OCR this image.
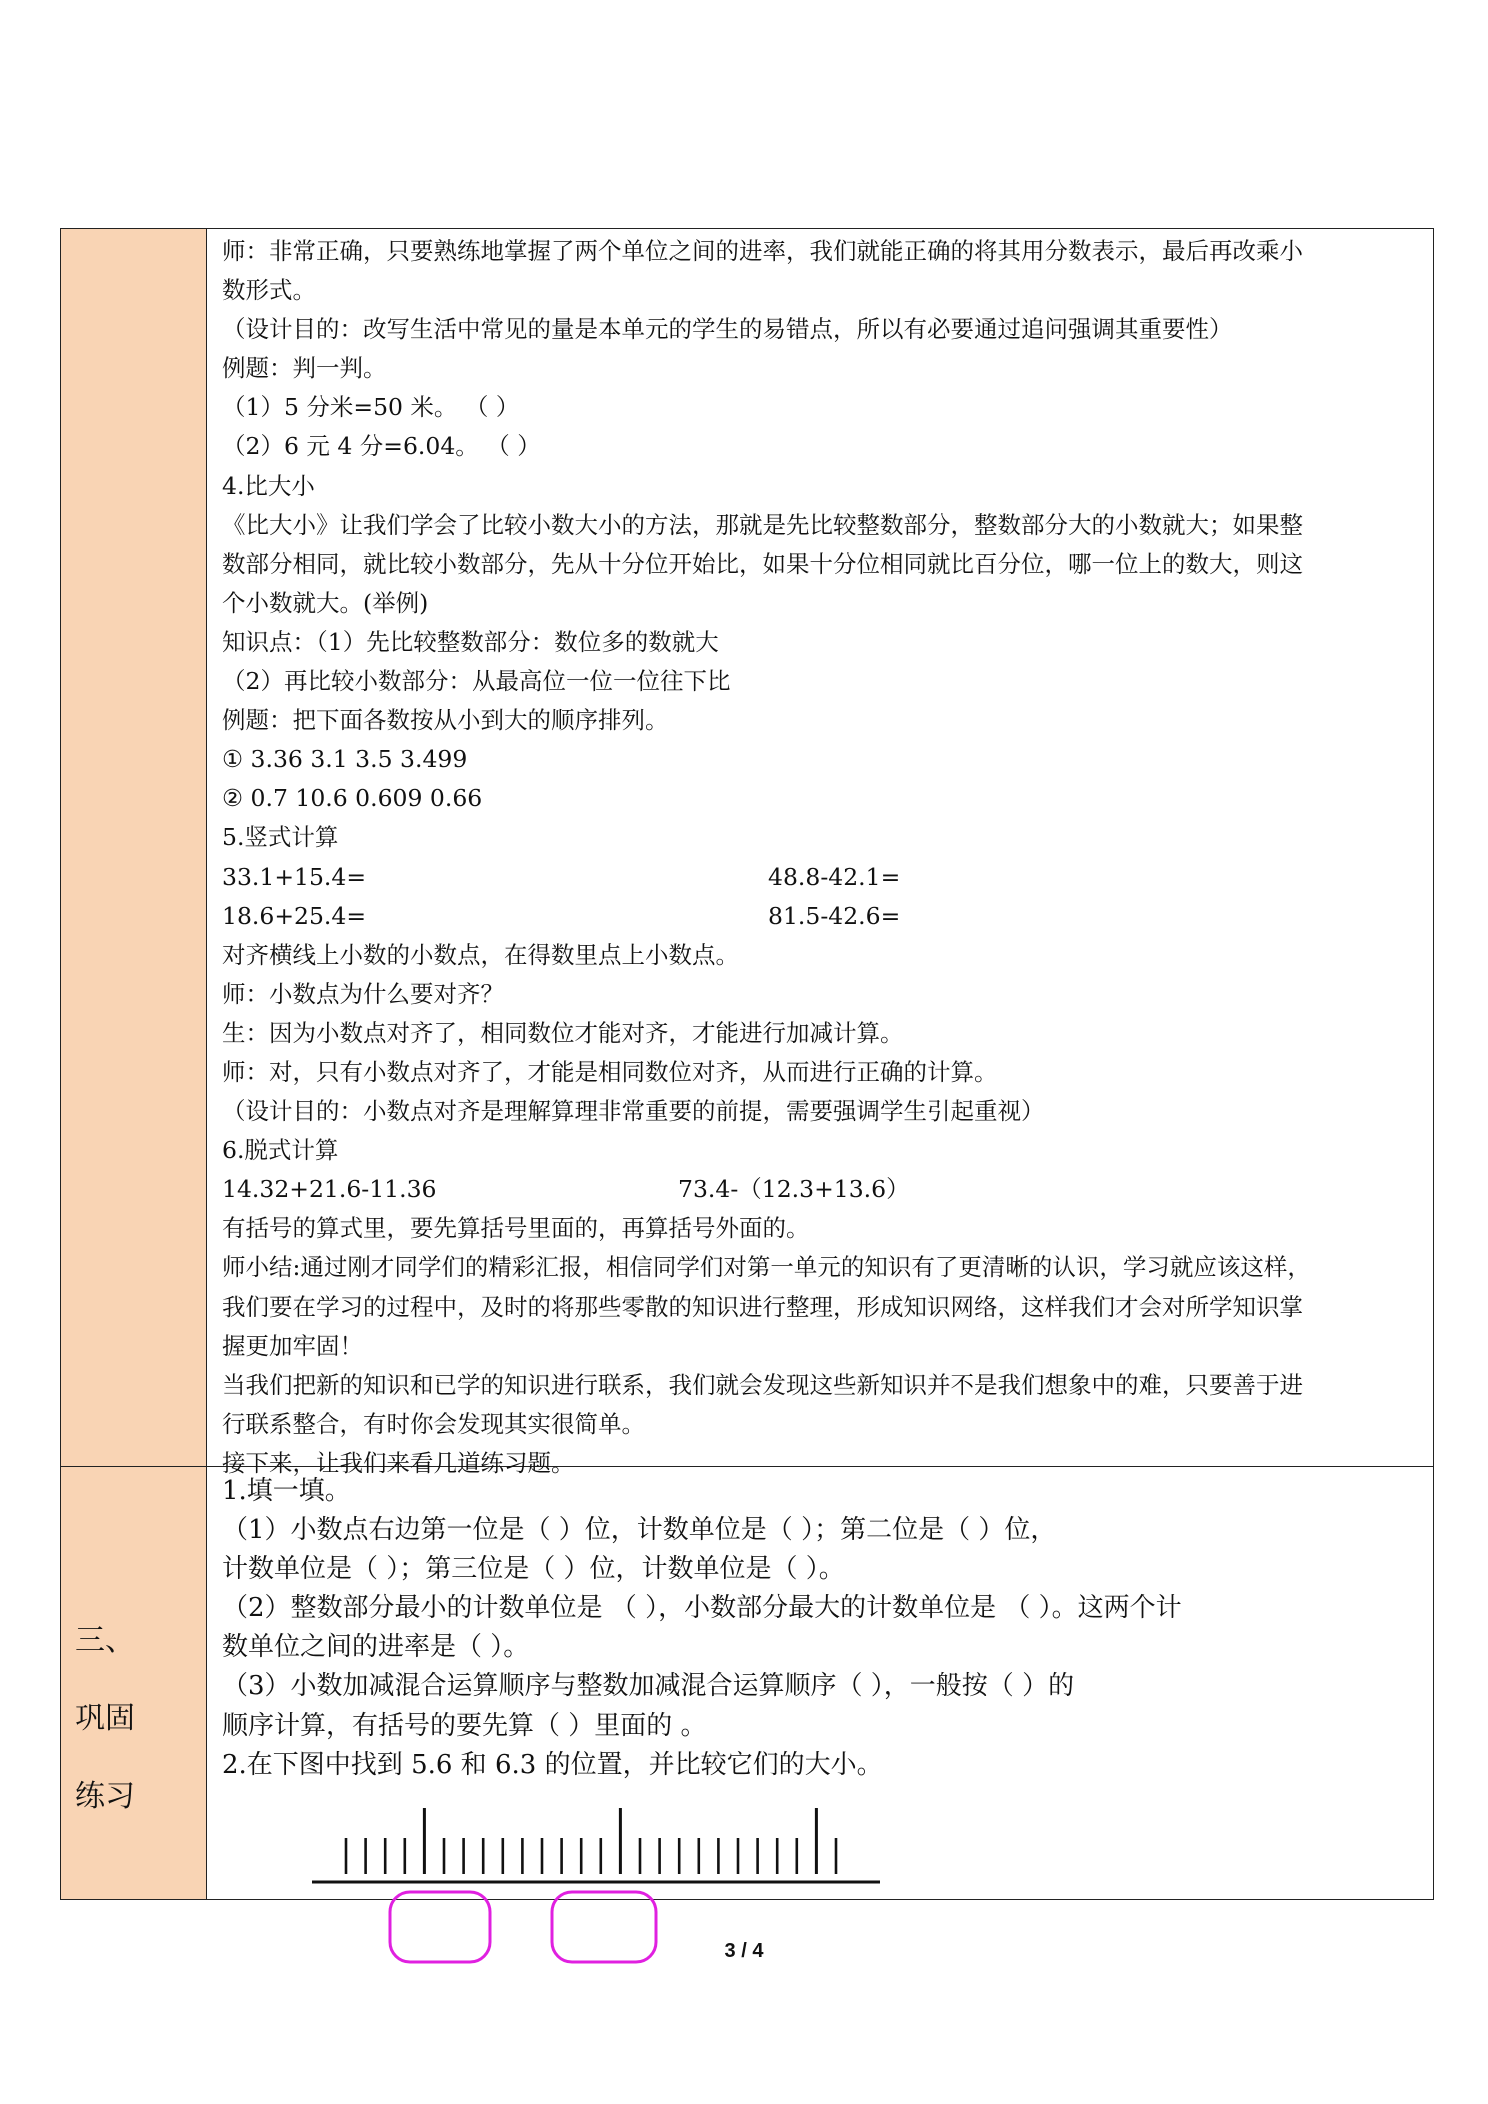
三、
巩固
练习
师：非常正确，只要熟练地掌握了两个单位之间的进率，我们就能正确的将其用分数表示，最后再改乘小
数形式。
（设计目的：改写生活中常见的量是本单元的学生的易错点，所以有必要通过追问强调其重要性）
例题：判一判。
（1）5 分米=50 米。 （ ）
（2）6 元 4 分=6.04。 （ ）
4.比大小
《比大小》让我们学会了比较小数大小的方法，那就是先比较整数部分，整数部分大的小数就大；如果整
数部分相同，就比较小数部分，先从十分位开始比，如果十分位相同就比百分位，哪一位上的数大，则这
个小数就大。(举例)
知识点：（1）先比较整数部分：数位多的数就大
（2）再比较小数部分：从最高位一位一位往下比
例题：把下面各数按从小到大的顺序排列。
① 3.36 3.1 3.5 3.499
② 0.7 10.6 0.609 0.66
5.竖式计算
33.1+15.4=	48.8-42.1=
18.6+25.4=	81.5-42.6=
对齐横线上小数的小数点，在得数里点上小数点。
师：小数点为什么要对齐？
生：因为小数点对齐了，相同数位才能对齐，才能进行加减计算。
师：对，只有小数点对齐了，才能是相同数位对齐，从而进行正确的计算。
（设计目的：小数点对齐是理解算理非常重要的前提，需要强调学生引起重视）
6.脱式计算
14.32+21.6-11.36	73.4-（12.3+13.6）
有括号的算式里，要先算括号里面的，再算括号外面的。
师小结:通过刚才同学们的精彩汇报，相信同学们对第一单元的知识有了更清晰的认识，学习就应该这样，
我们要在学习的过程中，及时的将那些零散的知识进行整理，形成知识网络，这样我们才会对所学知识掌
握更加牢固！
当我们把新的知识和已学的知识进行联系，我们就会发现这些新知识并不是我们想象中的难，只要善于进
行联系整合，有时你会发现其实很简单。
接下来，让我们来看几道练习题。
1.填一填。
（1）小数点右边第一位是（ ）位，计数单位是（ ）；第二位是（ ）位，
计数单位是（ ）；第三位是（ ）位，计数单位是（ ）。
（2）整数部分最小的计数单位是 （ ），小数部分最大的计数单位是 （ ）。这两个计
数单位之间的进率是（ ）。
（3）小数加减混合运算顺序与整数加减混合运算顺序（ ），一般按（ ）的
顺序计算，有括号的要先算（ ）里面的 。
2.在下图中找到 5.6 和 6.3 的位置，并比较它们的大小。
3 / 4
